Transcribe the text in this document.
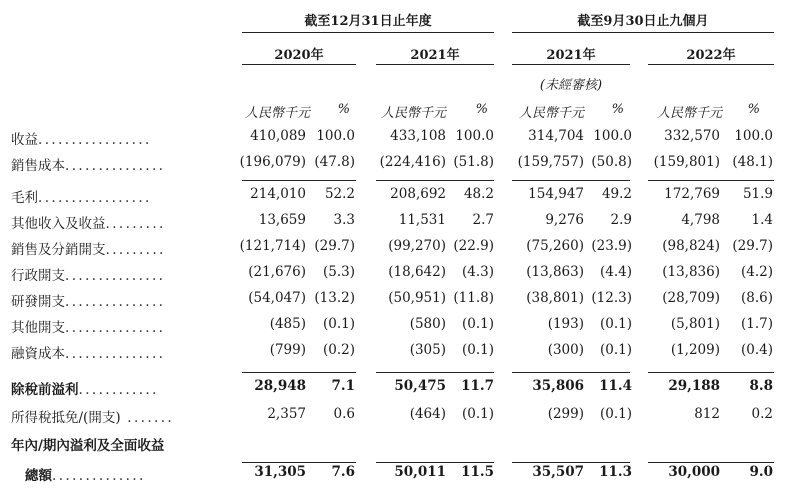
截至12月31日止年度	截至9月30日止九個月
2020年	2021年	2021年	2022年
(未經審核)
人民幣千元	%	人民幣千元	%	人民幣千元	%	人民幣千元	%
收益.................	410,089 100.0	433,108 100.0	314,704 100.0	332,570	100.0
銷售成本...............	(196,079) (47.8)	(224,416) (51.8)	(159,757) (50.8)	(159,801) (48.1)
毛利.................	214,010	52.2	208,692	48.2	154,947	49.2	172,769	51.9
其他收入及收益.........	13,659	3.3	11,531	2.7	9,276	2.9	4,798	1.4
銷售及分銷開支.........	(121,714) (29.7)	(99,270) (22.9)	(75,260) (23.9)	(98,824) (29.7)
行政開支...............	(21,676)	(5.3)	(18,642)	(4.3)	(13,863)	(4.4)	(13,836)	(4.2)
研發開支...............	(54,047) (13.2)	(50,951) (11.8)	(38,801) (12.3)	(28,709)	(8.6)
其他開支...............	(485)	(0.1)	(580)	(0.1)	(193)	(0.1)	(5,801)	(1.7)
融資成本...............	(799)	(0.2)	(305)	(0.1)	(300)	(0.1)	(1,209)	(0.4)
除稅前溢利............	28,948	7.1	50,475	11.7	35,806	11.4	29,188	8.8
所得稅抵免/(開支) .......	2,357	0.6	(464)	(0.1)	(299)	(0.1)	812	0.2
年內/期內溢利及全面收益
總額..............	31,305	7.6	50,011	11.5	35,507	11.3	30,000	9.0
